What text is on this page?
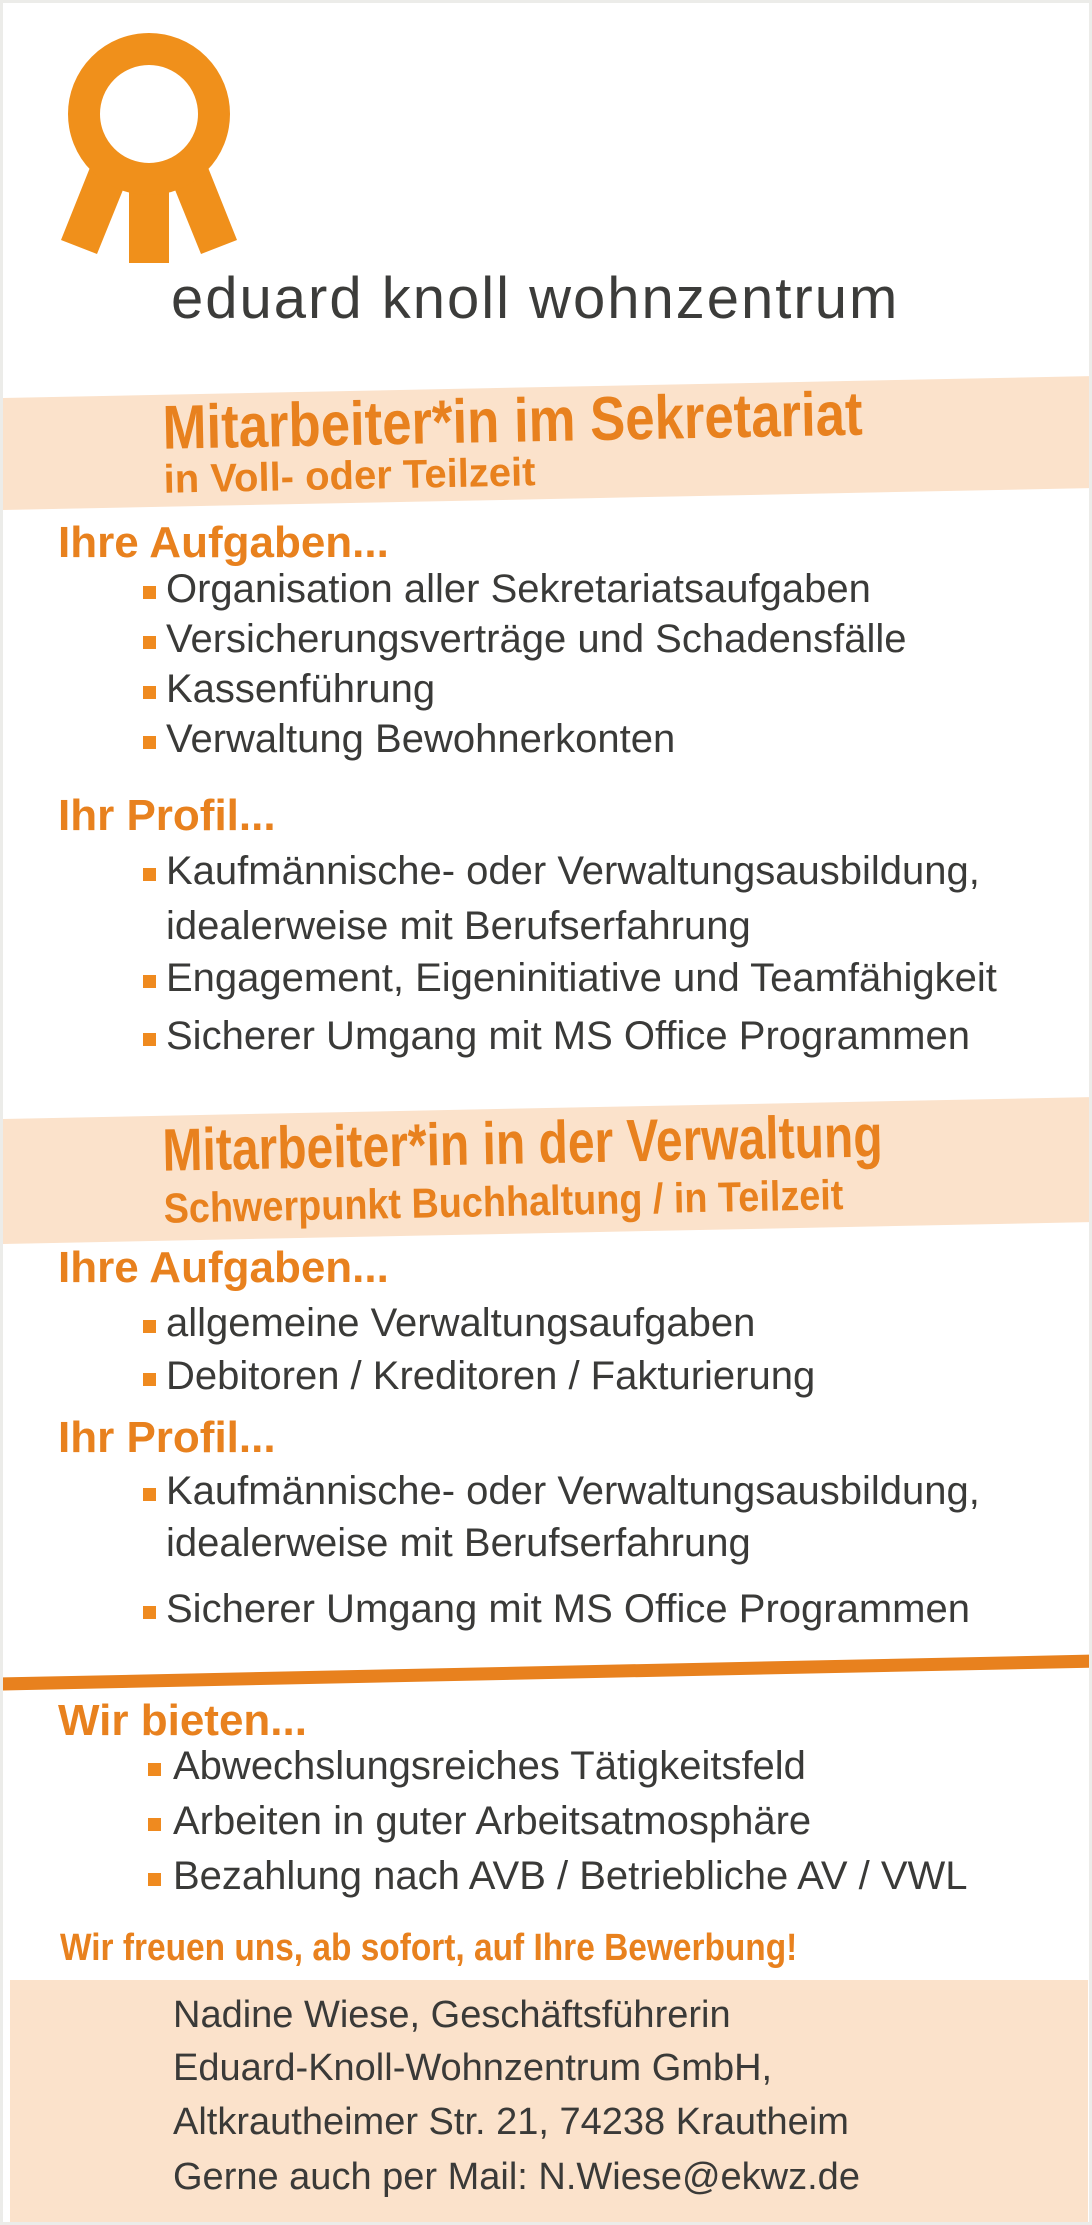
eduard knoll wohnzentrum
Mitarbeiter*in im Sekretariat
in Voll- oder Teilzeit
Ihre Aufgaben...
Organisation aller Sekretariatsaufgaben
Versicherungsverträge und Schadensfälle
Kassenführung
Verwaltung Bewohnerkonten
Ihr Profil...
Kaufmännische- oder Verwaltungsausbildung,
idealerweise mit Berufserfahrung
Engagement, Eigeninitiative und Teamfähigkeit
Sicherer Umgang mit MS Office Programmen
Mitarbeiter*in in der Verwaltung
Schwerpunkt Buchhaltung / in Teilzeit
Ihre Aufgaben...
allgemeine Verwaltungsaufgaben
Debitoren / Kreditoren / Fakturierung
Ihr Profil...
Kaufmännische- oder Verwaltungsausbildung,
idealerweise mit Berufserfahrung
Sicherer Umgang mit MS Office Programmen
Wir bieten...
Abwechslungsreiches Tätigkeitsfeld
Arbeiten in guter Arbeitsatmosphäre
Bezahlung nach AVB / Betriebliche AV / VWL
Wir freuen uns, ab sofort, auf Ihre Bewerbung!
Nadine Wiese, Geschäftsführerin
Eduard-Knoll-Wohnzentrum GmbH,
Altkrautheimer Str. 21, 74238 Krautheim
Gerne auch per Mail: N.Wiese@ekwz.de
